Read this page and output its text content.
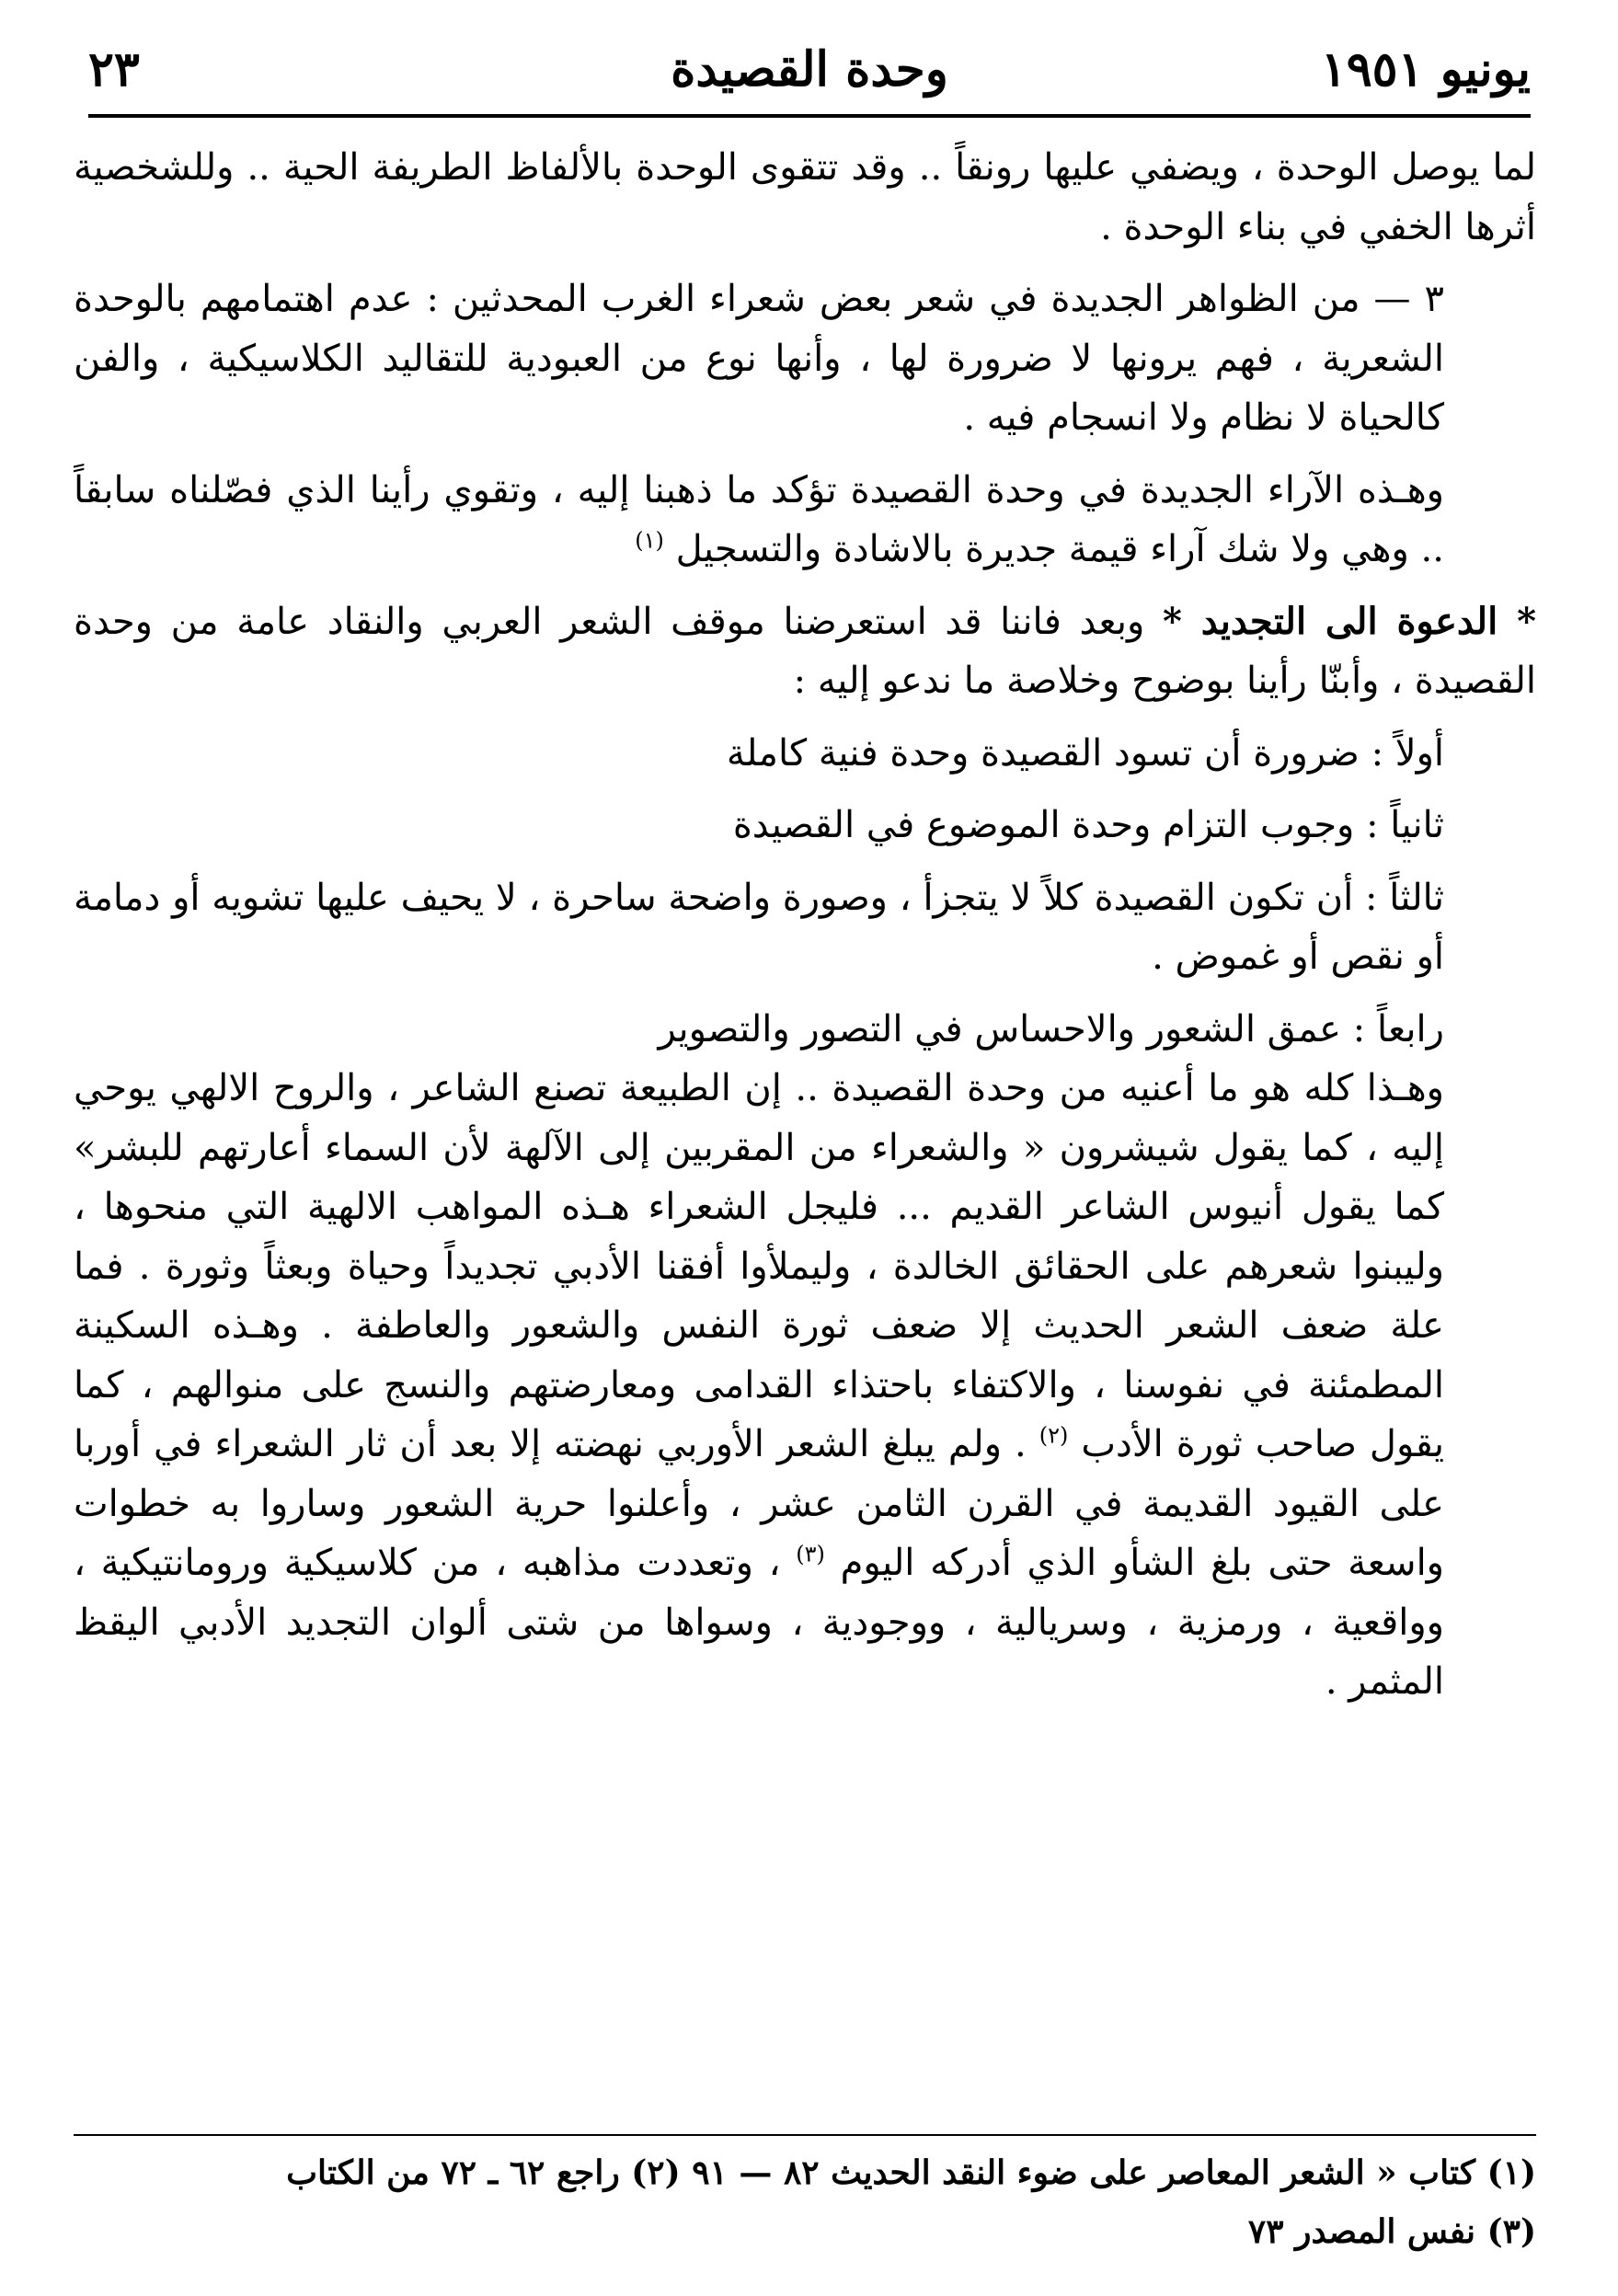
يونيو ١٩٥١
وحدة القصيدة
٢٣

لما يوصل الوحدة ، ويضفي عليها رونقاً .. وقد تتقوى الوحدة بالألفاظ الطريفة الحية .. وللشخصية أثرها الخفي في بناء الوحدة .

٣ — من الظواهر الجديدة في شعر بعض شعراء الغرب المحدثين : عدم اهتمامهم بالوحدة الشعرية ، فهم يرونها لا ضرورة لها ، وأنها نوع من العبودية للتقاليد الكلاسيكية ، والفن كالحياة لا نظام ولا انسجام فيه .

وهـذه الآراء الجديدة في وحدة القصيدة تؤكد ما ذهبنا إليه ، وتقوي رأينا الذي فصّلناه سابقاً .. وهي ولا شك آراء قيمة جديرة بالاشادة والتسجيل $^{(١)}$

* الدعوة الى التجديد * وبعد فاننا قد استعرضنا موقف الشعر العربي والنقاد عامة من وحدة القصيدة ، وأبنّا رأينا بوضوح وخلاصة ما ندعو إليه :

أولاً : ضرورة أن تسود القصيدة وحدة فنية كاملة

ثانياً : وجوب التزام وحدة الموضوع في القصيدة

ثالثاً : أن تكون القصيدة كلاً لا يتجزأ ، وصورة واضحة ساحرة ، لا يحيف عليها تشويه أو دمامة أو نقص أو غموض .

رابعاً : عمق الشعور والاحساس في التصور والتصوير

وهـذا كله هو ما أعنيه من وحدة القصيدة .. إن الطبيعة تصنع الشاعر ، والروح الالهي يوحي إليه ، كما يقول شيشرون « والشعراء من المقربين إلى الآلهة لأن السماء أعارتهم للبشر» كما يقول أنيوس الشاعر القديم ... فليجل الشعراء هـذه المواهب الالهية التي منحوها ، وليبنوا شعرهم على الحقائق الخالدة ، وليملأوا أفقنا الأدبي تجديداً وحياة وبعثاً وثورة . فما علة ضعف الشعر الحديث إلا ضعف ثورة النفس والشعور والعاطفة . وهـذه السكينة المطمئنة في نفوسنا ، والاكتفاء باحتذاء القدامى ومعارضتهم والنسج على منوالهم ، كما يقول صاحب ثورة الأدب $^{(٢)}$ . ولم يبلغ الشعر الأوربي نهضته إلا بعد أن ثار الشعراء في أوربا على القيود القديمة في القرن الثامن عشر ، وأعلنوا حرية الشعور وساروا به خطوات واسعة حتى بلغ الشأو الذي أدركه اليوم $^{(٣)}$ ، وتعددت مذاهبه ، من كلاسيكية ورومانتيكية ، وواقعية ، ورمزية ، وسريالية ، ووجودية ، وسواها من شتى ألوان التجديد الأدبي اليقظ المثمر .

(١) كتاب « الشعر المعاصر على ضوء النقد الحديث ٨٢ — ٩١ (٢) راجع ٦٢ ـ ٧٢ من الكتاب

(٣) نفس المصدر ٧٣
